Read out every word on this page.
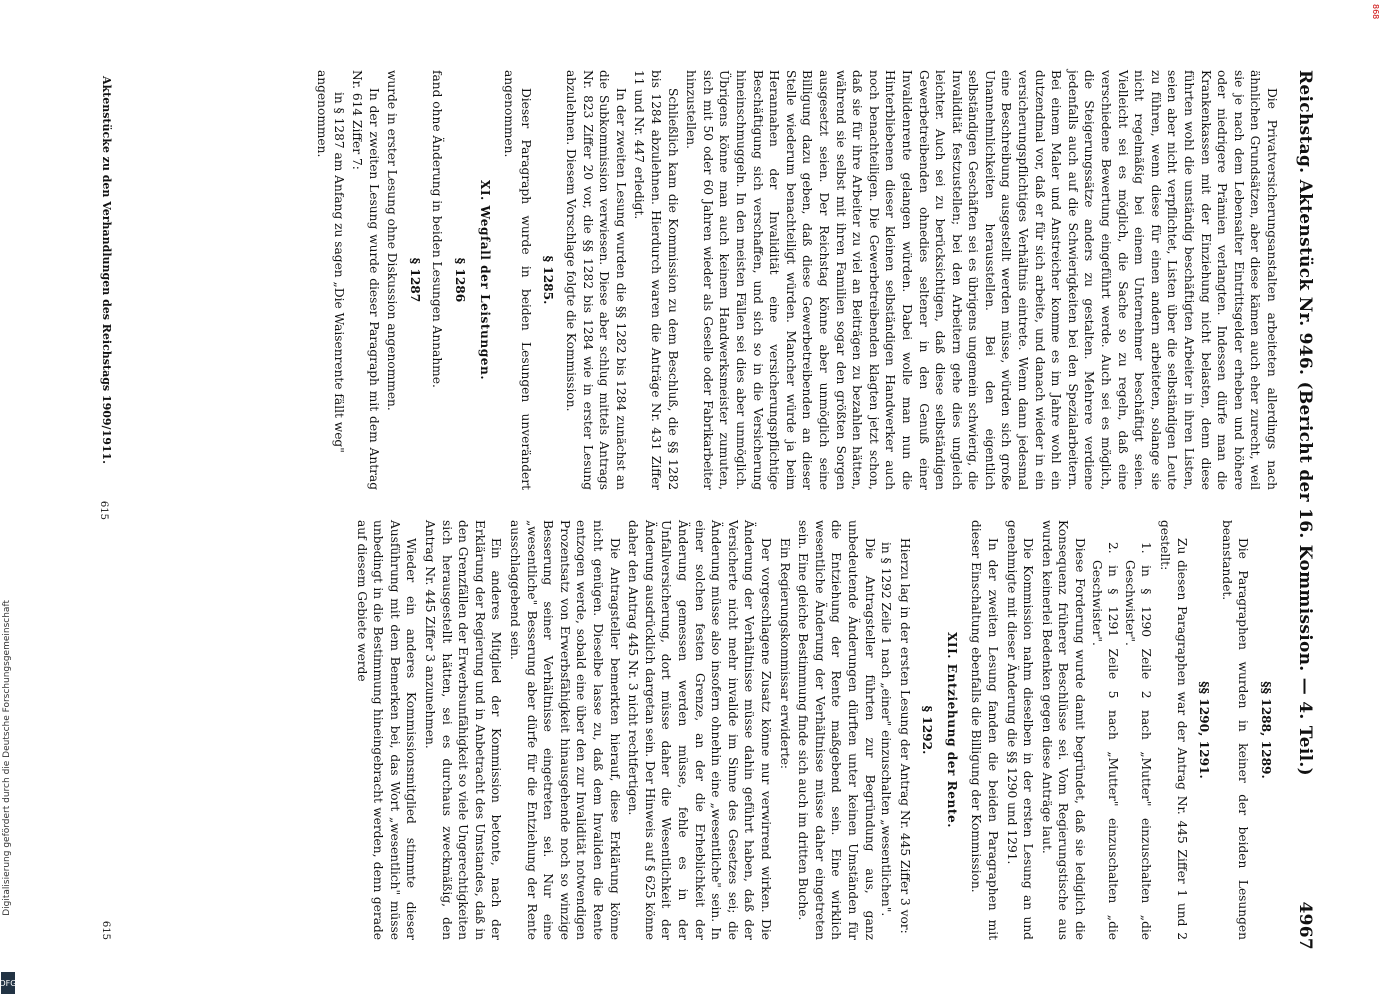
Digitalisierung gefördert durch die Deutsche Forschungsgemeinschaft
DFG
868
Reichstag. Aktenstück Nr. 946. (Bericht der 16. Kommission. — 4. Teil.)
4967

Die Privatversicherungsanstalten arbeiteten allerdings nach ähnlichen Grundsätzen, aber diese kämen auch eher zurecht, weil sie je nach dem Lebensalter Eintrittsgelder erheben und höhere oder niedrigere Prämien verlangten. Indessen dürfe man die Krankenkassen mit der Einziehung nicht belasten, denn diese führten wohl die unständig beschäftigten Arbeiter in ihren Listen, seien aber nicht verpflichtet, Listen über die selbständigen Leute zu führen, wenn diese für einen andern arbeiteten, solange sie nicht regelmäßig bei einem Unternehmer beschäftigt seien. Vielleicht sei es möglich, die Sache so zu regeln, daß eine verschiedene Bewertung eingeführt werde. Auch sei es möglich, die Steigerungssätze anders zu gestalten. Mehrere verdiene jedenfalls auch auf die Schwierigkeiten bei den Spezialarbeitern. Bei einem Maler und Anstreicher komme es im Jahre wohl ein dutzendmal vor, daß er für sich arbeite, und danach wieder in ein versicherungspflichtiges Verhältnis eintrete. Wenn dann jedesmal eine Beschreibung ausgestellt werden müsse, würden sich große Unannehmlichkeiten herausstellen. Bei den eigentlich selbständigen Geschäften sei es übrigens ungemein schwierig, die Invalidität festzustellen; bei den Arbeitern gehe dies ungleich leichter. Auch sei zu berücksichtigen, daß diese selbständigen Gewerbetreibenden ohnedies seltener in den Genuß einer Invalidenrente gelangen würden. Dabei wolle man nun die Hinterbliebenen dieser kleinen selbständigen Handwerker auch noch benachteiligen. Die Gewerbetreibenden klagten jetzt schon, daß sie für ihre Arbeiter zu viel an Beiträgen zu bezahlen hätten, während sie selbst mit ihren Familien sogar den größten Sorgen ausgesetzt seien. Der Reichstag könne aber unmöglich seine Billigung dazu geben, daß diese Gewerbetreibenden an dieser Stelle wiederum benachteiligt würden. Mancher würde ja beim Herannahen der Invalidität eine versicherungspflichtige Beschäftigung sich verschaffen, und sich so in die Versicherung hineinschmuggeln. In den meisten Fällen sei dies aber unmöglich. Übrigens könne man auch keinem Handwerksmeister zumuten, sich mit 50 oder 60 Jahren wieder als Geselle oder Fabrikarbeiter hinzustellen.

Schließlich kam die Kommission zu dem Beschluß, die §§ 1282 bis 1284 abzulehnen. Hierdurch waren die Anträge Nr. 431 Ziffer 11 und Nr. 447 erledigt.

In der zweiten Lesung wurden die §§ 1282 bis 1284 zunächst an die Subkommission verwiesen. Diese aber schlug mittels Antrags Nr. 823 Ziffer 20 vor, die §§ 1282 bis 1284 wie in erster Lesung abzulehnen. Diesem Vorschlage folgte die Kommission.

§ 1285.

Dieser Paragraph wurde in beiden Lesungen unverändert angenommen.

XI. Wegfall der Leistungen.

§ 1286

fand ohne Änderung in beiden Lesungen Annahme.

§ 1287

wurde in erster Lesung ohne Diskussion angenommen.

In der zweiten Lesung wurde dieser Paragraph mit dem Antrag Nr. 614 Ziffer 7:

in § 1287 am Anfang zu sagen „Die Waisenrente fällt weg"

angenommen.

§§ 1288, 1289.

Die Paragraphen wurden in keiner der beiden Lesungen beanstandet.

§§ 1290, 1291.

Zu diesen Paragraphen war der Antrag Nr. 445 Ziffer 1 und 2 gestellt:

1. in § 1290 Zeile 2 nach „Mutter" einzuschalten „die Geschwister".

2. in § 1291 Zeile 5 nach „Mutter" einzuschalten „die Geschwister".

Diese Forderung wurde damit begründet, daß sie lediglich die Konsequenz früherer Beschlüsse sei. Vom Regierungstische aus wurden keinerlei Bedenken gegen diese Anträge laut.

Die Kommission nahm dieselben in der ersten Lesung an und genehmigte mit dieser Änderung die §§ 1290 und 1291.

In der zweiten Lesung fanden die beiden Paragraphen mit dieser Einschaltung ebenfalls die Billigung der Kommission.

XII. Entziehung der Rente.

§ 1292.

Hierzu lag in der ersten Lesung der Antrag Nr. 445 Ziffer 3 vor:

in § 1292 Zeile 1 nach „einer" einzuschalten „wesentlichen".

Die Antragsteller führten zur Begründung aus, ganz unbedeutende Änderungen dürften unter keinen Umständen für die Entziehung der Rente maßgebend sein. Eine wirklich wesentliche Änderung der Verhältnisse müsse daher eingetreten sein. Eine gleiche Bestimmung finde sich auch im dritten Buche.

Ein Regierungskommissar erwiderte:

Der vorgeschlagene Zusatz könne nur verwirrend wirken. Die Änderung der Verhältnisse müsse dahin geführt haben, daß der Versicherte nicht mehr invalide im Sinne des Gesetzes sei; die Änderung müsse also insofern ohnehin eine „wesentliche" sein. In einer solchen festen Grenze, an der die Erheblichkeit der Änderung gemessen werden müsse, fehle es in der Unfallversicherung, dort müsse daher die Wesentlichkeit der Änderung ausdrücklich dargetan sein. Der Hinweis auf § 625 könne daher den Antrag 445 Nr. 3 nicht rechtfertigen.

Die Antragsteller bemerkten hierauf, diese Erklärung könne nicht genügen. Dieselbe lasse zu, daß dem Invaliden die Rente entzogen werde, sobald eine über den zur Invalidität notwendigen Prozentsatz von Erwerbsfähigkeit hinausgehende noch so winzige Besserung seiner Verhältnisse eingetreten sei. Nur eine „wesentliche" Besserung aber dürfe für die Entziehung der Rente ausschlaggebend sein.

Ein anderes Mitglied der Kommission betonte, nach der Erklärung der Regierung und in Anbetracht des Umstandes, daß in den Grenzfällen der Erwerbsunfähigkeit so viele Ungerechtigkeiten sich herausgestellt hätten, sei es durchaus zweckmäßig, den Antrag Nr. 445 Ziffer 3 anzunehmen.

Wieder ein anderes Kommissionsmitglied stimmte dieser Ausführung mit dem Bemerken bei, das Wort „wesentlich" müsse unbedingt in die Bestimmung hineingebracht werden, denn gerade auf diesem Gebiete werde

Aktenstücke zu den Verhandlungen des Reichstags 1909/1911.
615
615
